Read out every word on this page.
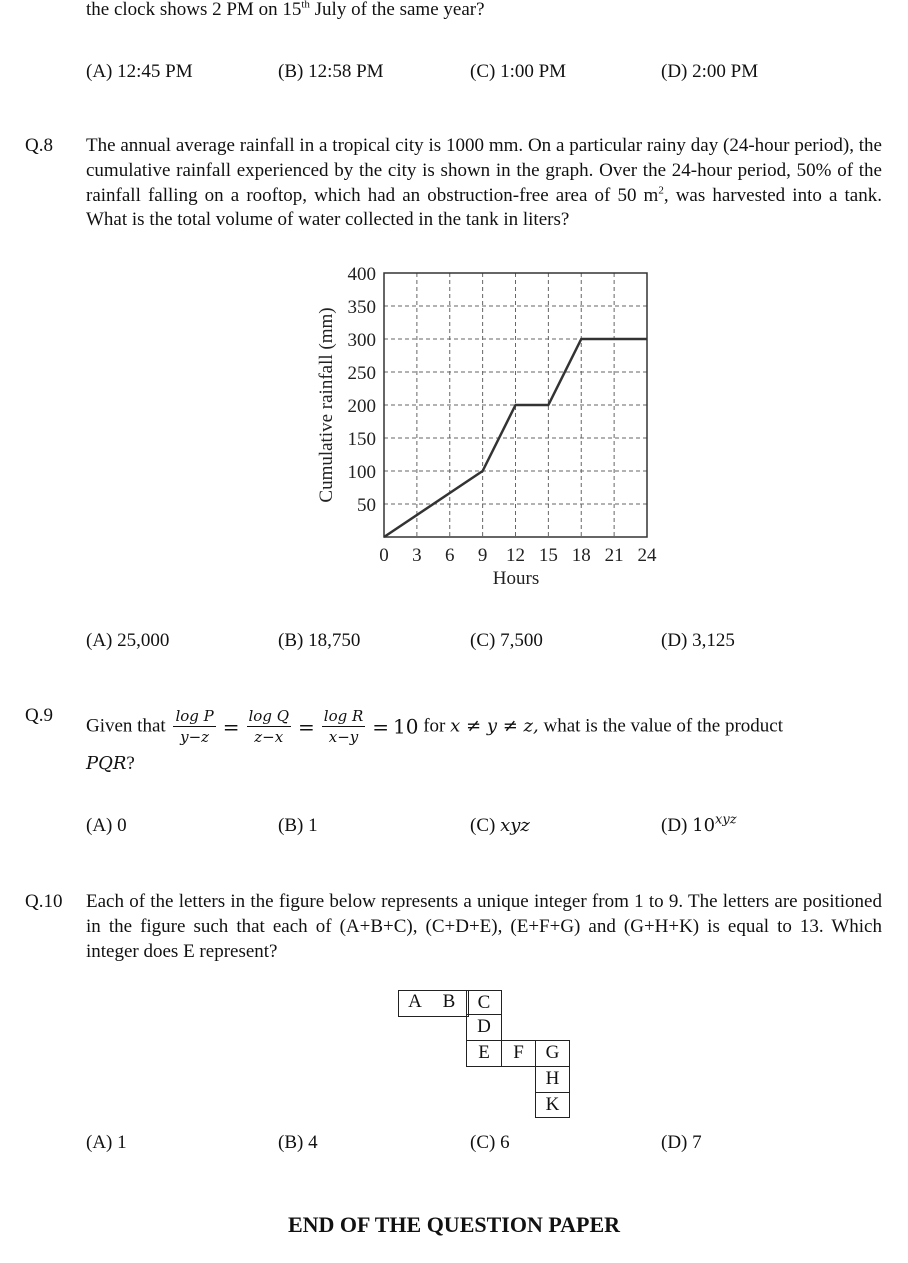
the clock shows 2 PM on 15th July of the same year?
(A) 12:45 PM	(B) 12:58 PM	(C) 1:00 PM	(D) 2:00 PM
Q.8 The annual average rainfall in a tropical city is 1000 mm. On a particular rainy day (24-hour period), the cumulative rainfall experienced by the city is shown in the graph. Over the 24-hour period, 50% of the rainfall falling on a rooftop, which had an obstruction-free area of 50 $m^2$, was harvested into a tank. What is the total volume of water collected in the tank in liters?
50
100
150
200
250
300
350
400
0 3 6 9 12 15 18 21 24
Cumulative rainfall (mm)
Hours
(A) 25,000	(B) 18,750	(C) 7,500	(D) 3,125
Q.9
Given that $\frac{\text{log P}}{y-z} = \frac{\text{log Q}}{z-x} = \frac{\text{log R}}{x-y} = 10$ for x ≠ y ≠ z, what is the value of the product
PQR?
(A) 0	(B) 1	(C) xyz	(D) $10^{xyz}$
Q.10 Each of the letters in the figure below represents a unique integer from 1 to 9. The letters are positioned in the figure such that each of (A+B+C), (C+D+E), (E+F+G) and (G+H+K) is equal to 13. Which integer does E represent?
A	B	C
D
E	F	G
H
K
(A) 1	(B) 4	(C) 6	(D) 7
END OF THE QUESTION PAPER
